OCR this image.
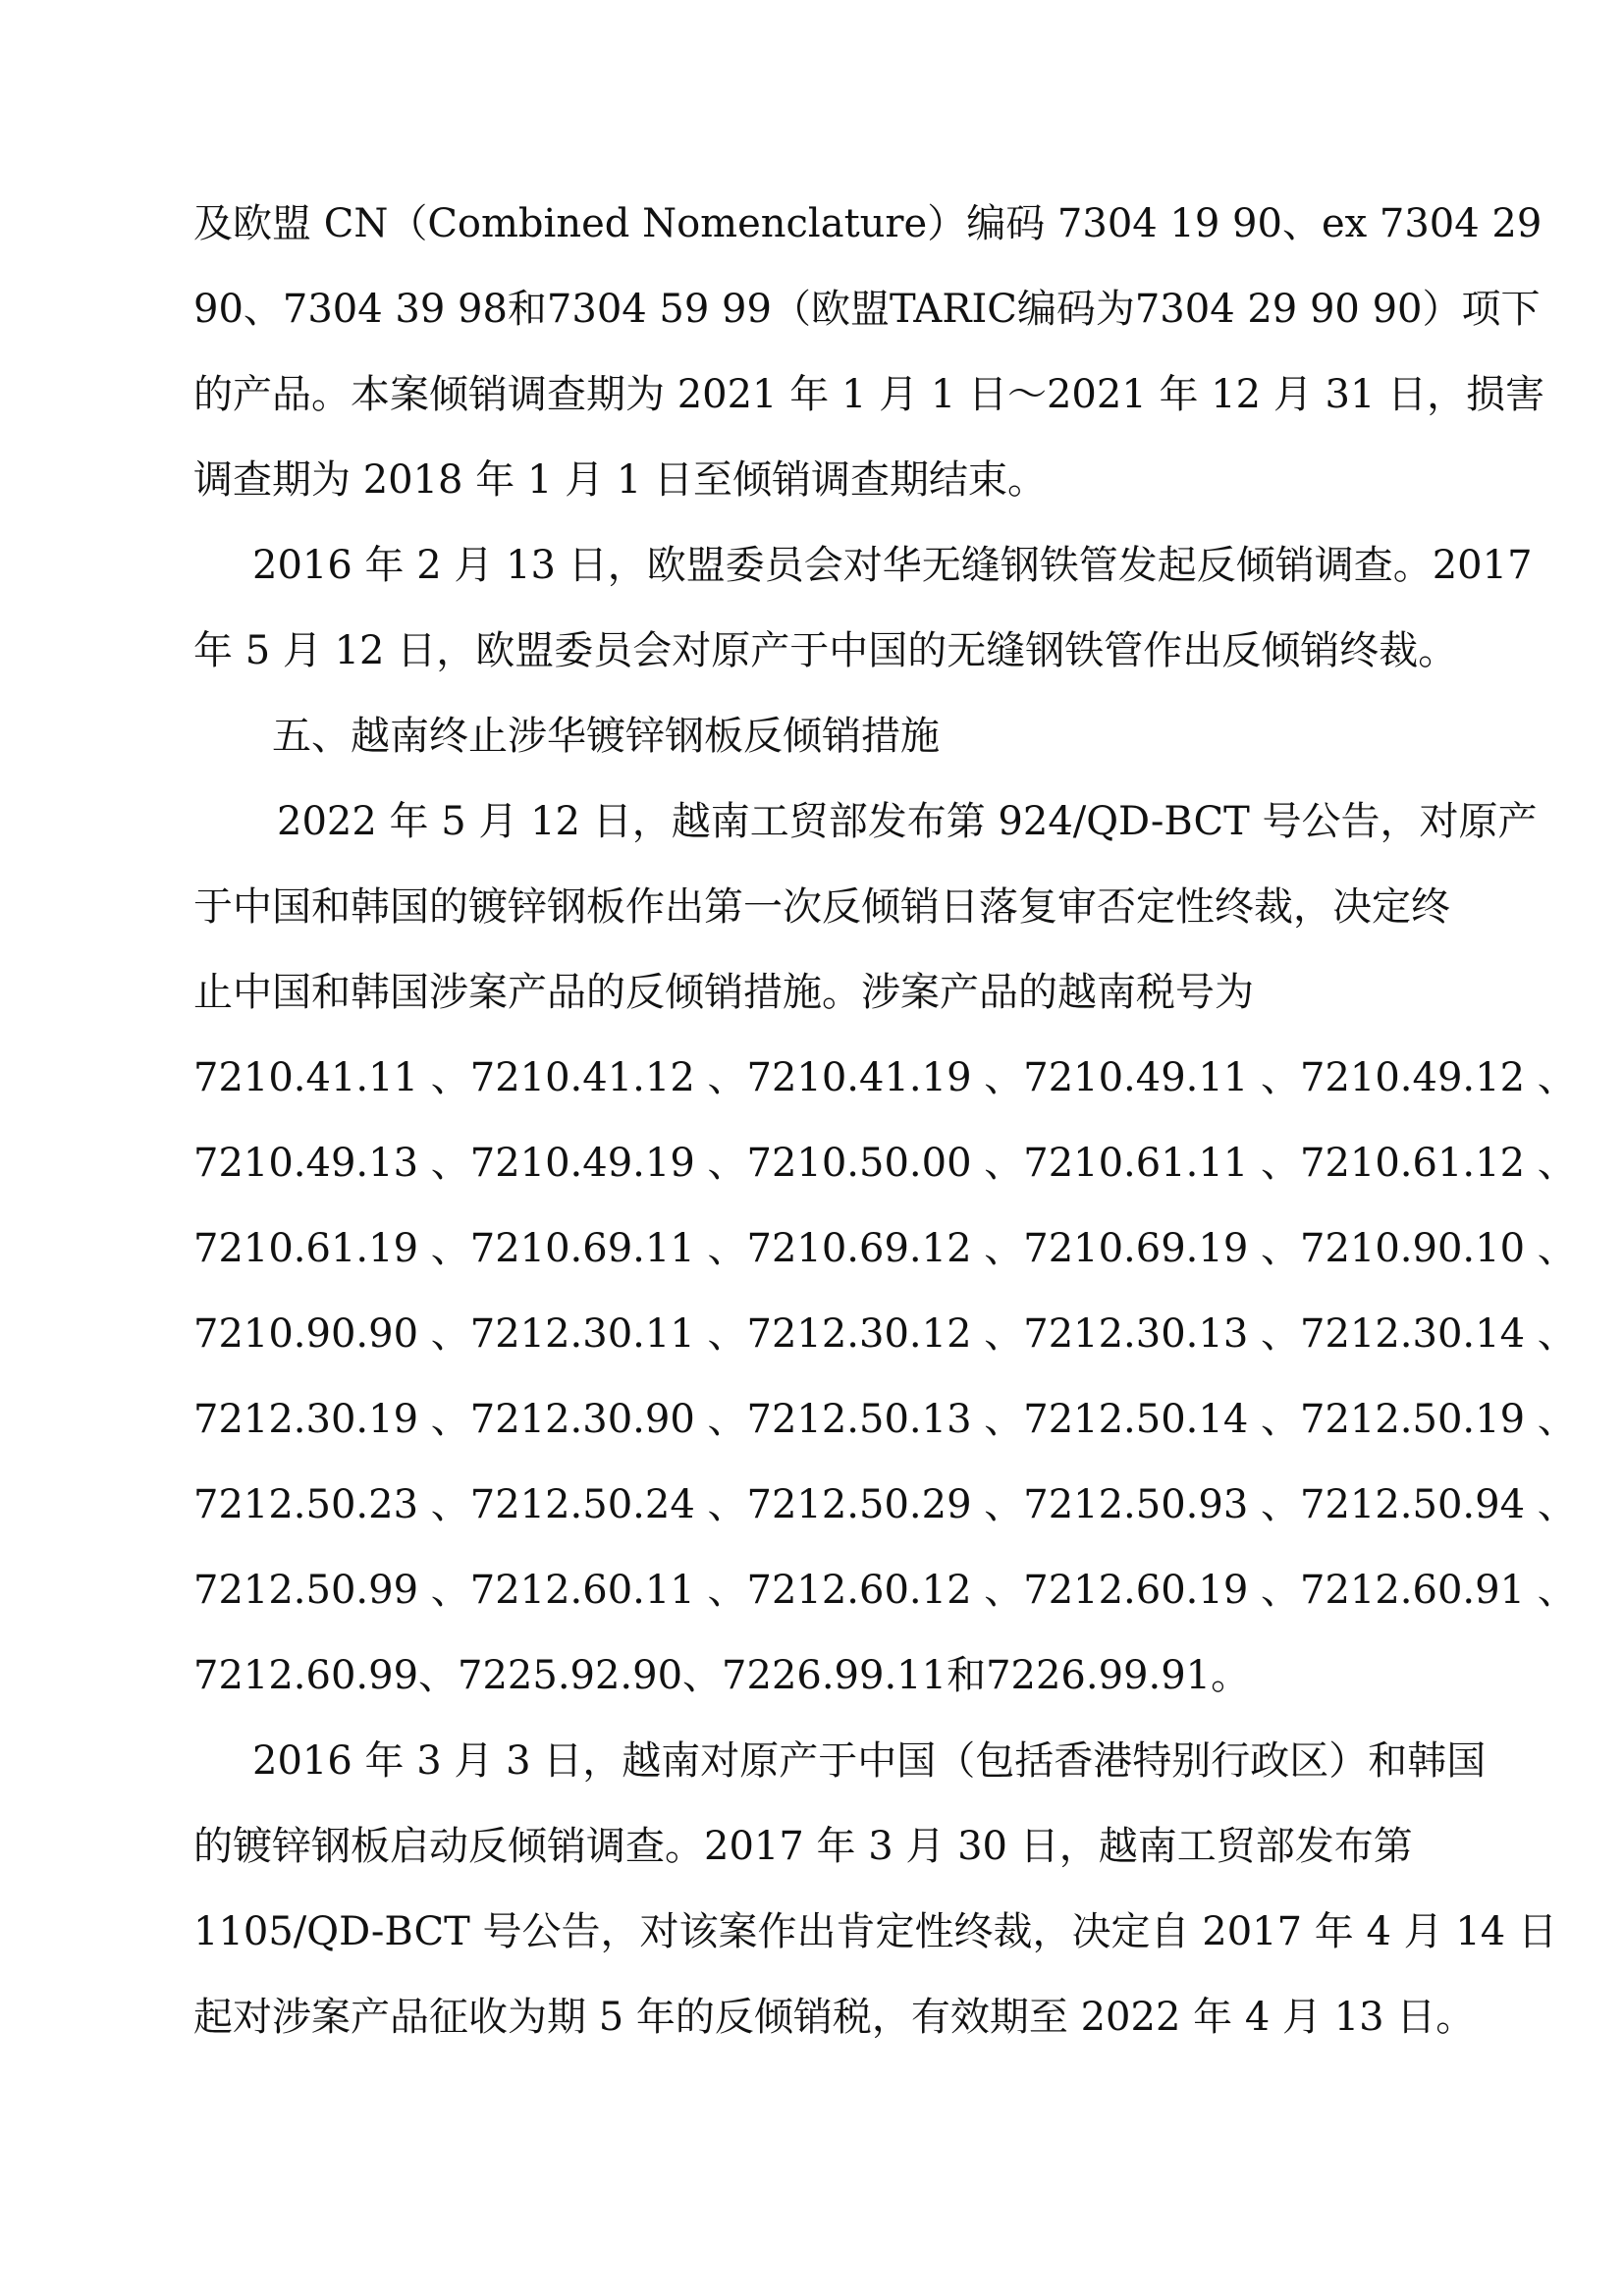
及欧盟 CN（Combined Nomenclature）编码 7304 19 90、ex 7304 29
90、7304 39 98和7304 59 99（欧盟TARIC编码为7304 29 90 90）项下
的产品。本案倾销调查期为 2021 年 1 月 1 日～2021 年 12 月 31 日，损害
调查期为 2018 年 1 月 1 日至倾销调查期结束。
2016 年 2 月 13 日，欧盟委员会对华无缝钢铁管发起反倾销调查。2017
年 5 月 12 日，欧盟委员会对原产于中国的无缝钢铁管作出反倾销终裁。
五、越南终止涉华镀锌钢板反倾销措施
2022 年 5 月 12 日，越南工贸部发布第 924/QD-BCT 号公告，对原产
于中国和韩国的镀锌钢板作出第一次反倾销日落复审否定性终裁，决定终
止中国和韩国涉案产品的反倾销措施。涉案产品的越南税号为
7210.41.11 、 7210.41.12 、 7210.41.19 、 7210.49.11 、 7210.49.12 、
7210.49.13 、 7210.49.19 、 7210.50.00 、 7210.61.11 、 7210.61.12 、
7210.61.19 、 7210.69.11 、 7210.69.12 、 7210.69.19 、 7210.90.10 、
7210.90.90 、 7212.30.11 、 7212.30.12 、 7212.30.13 、 7212.30.14 、
7212.30.19 、 7212.30.90 、 7212.50.13 、 7212.50.14 、 7212.50.19 、
7212.50.23 、 7212.50.24 、 7212.50.29 、 7212.50.93 、 7212.50.94 、
7212.50.99 、 7212.60.11 、 7212.60.12 、 7212.60.19 、 7212.60.91 、
7212.60.99、7225.92.90、7226.99.11和7226.99.91。
2016 年 3 月 3 日，越南对原产于中国（包括香港特别行政区）和韩国
的镀锌钢板启动反倾销调查。2017 年 3 月 30 日，越南工贸部发布第
1105/QD-BCT 号公告，对该案作出肯定性终裁，决定自 2017 年 4 月 14 日
起对涉案产品征收为期 5 年的反倾销税，有效期至 2022 年 4 月 13 日。
